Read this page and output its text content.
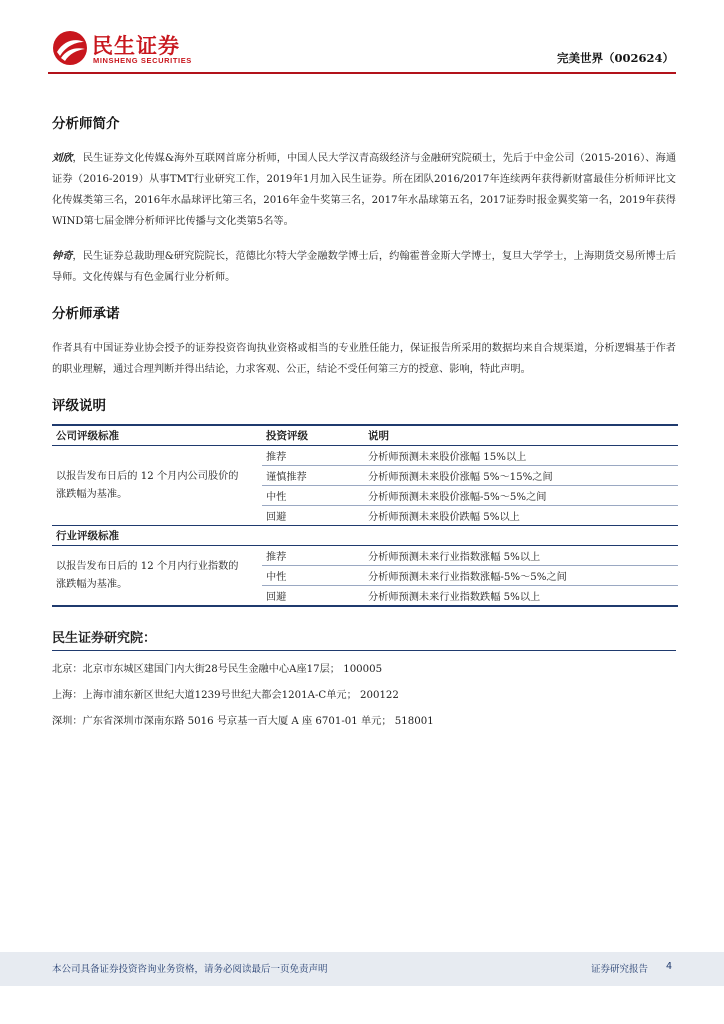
民生证券
MINSHENG SECURITIES	完美世界（002624）
分析师简介

刘欣，民生证券文化传媒&海外互联网首席分析师，中国人民大学汉青高级经济与金融研究院硕士，先后于中金公司（2015-2016）、海通证券（2016-2019）从事TMT行业研究工作，2019年1月加入民生证券。所在团队2016/2017年连续两年获得新财富最佳分析师评比文化传媒类第三名，2016年水晶球评比第三名，2016年金牛奖第三名，2017年水晶球第五名，2017证券时报金翼奖第一名，2019年获得WIND第七届金牌分析师评比传播与文化类第5名等。

钟奇，民生证券总裁助理&研究院院长，范德比尔特大学金融数学博士后，约翰霍普金斯大学博士，复旦大学学士，上海期货交易所博士后导师。文化传媒与有色金属行业分析师。

分析师承诺

作者具有中国证券业协会授予的证券投资咨询执业资格或相当的专业胜任能力，保证报告所采用的数据均来自合规渠道，分析逻辑基于作者的职业理解，通过合理判断并得出结论，力求客观、公正，结论不受任何第三方的授意、影响，特此声明。

评级说明
公司评级标准	投资评级	说明
以报告发布日后的 12 个月内公司股价的涨跌幅为基准。	推荐	分析师预测未来股价涨幅 15%以上
	谨慎推荐	分析师预测未来股价涨幅 5%～15%之间
	中性	分析师预测未来股价涨幅-5%～5%之间
	回避	分析师预测未来股价跌幅 5%以上
行业评级标准		
以报告发布日后的 12 个月内行业指数的涨跌幅为基准。	推荐	分析师预测未来行业指数涨幅 5%以上
	中性	分析师预测未来行业指数涨幅-5%～5%之间
	回避	分析师预测未来行业指数跌幅 5%以上
民生证券研究院：
北京：北京市东城区建国门内大街28号民生金融中心A座17层； 100005
上海：上海市浦东新区世纪大道1239号世纪大都会1201A-C单元； 200122
深圳：广东省深圳市深南东路 5016 号京基一百大厦 A 座 6701-01 单元； 518001
本公司具备证券投资咨询业务资格，请务必阅读最后一页免责声明	证券研究报告 4
